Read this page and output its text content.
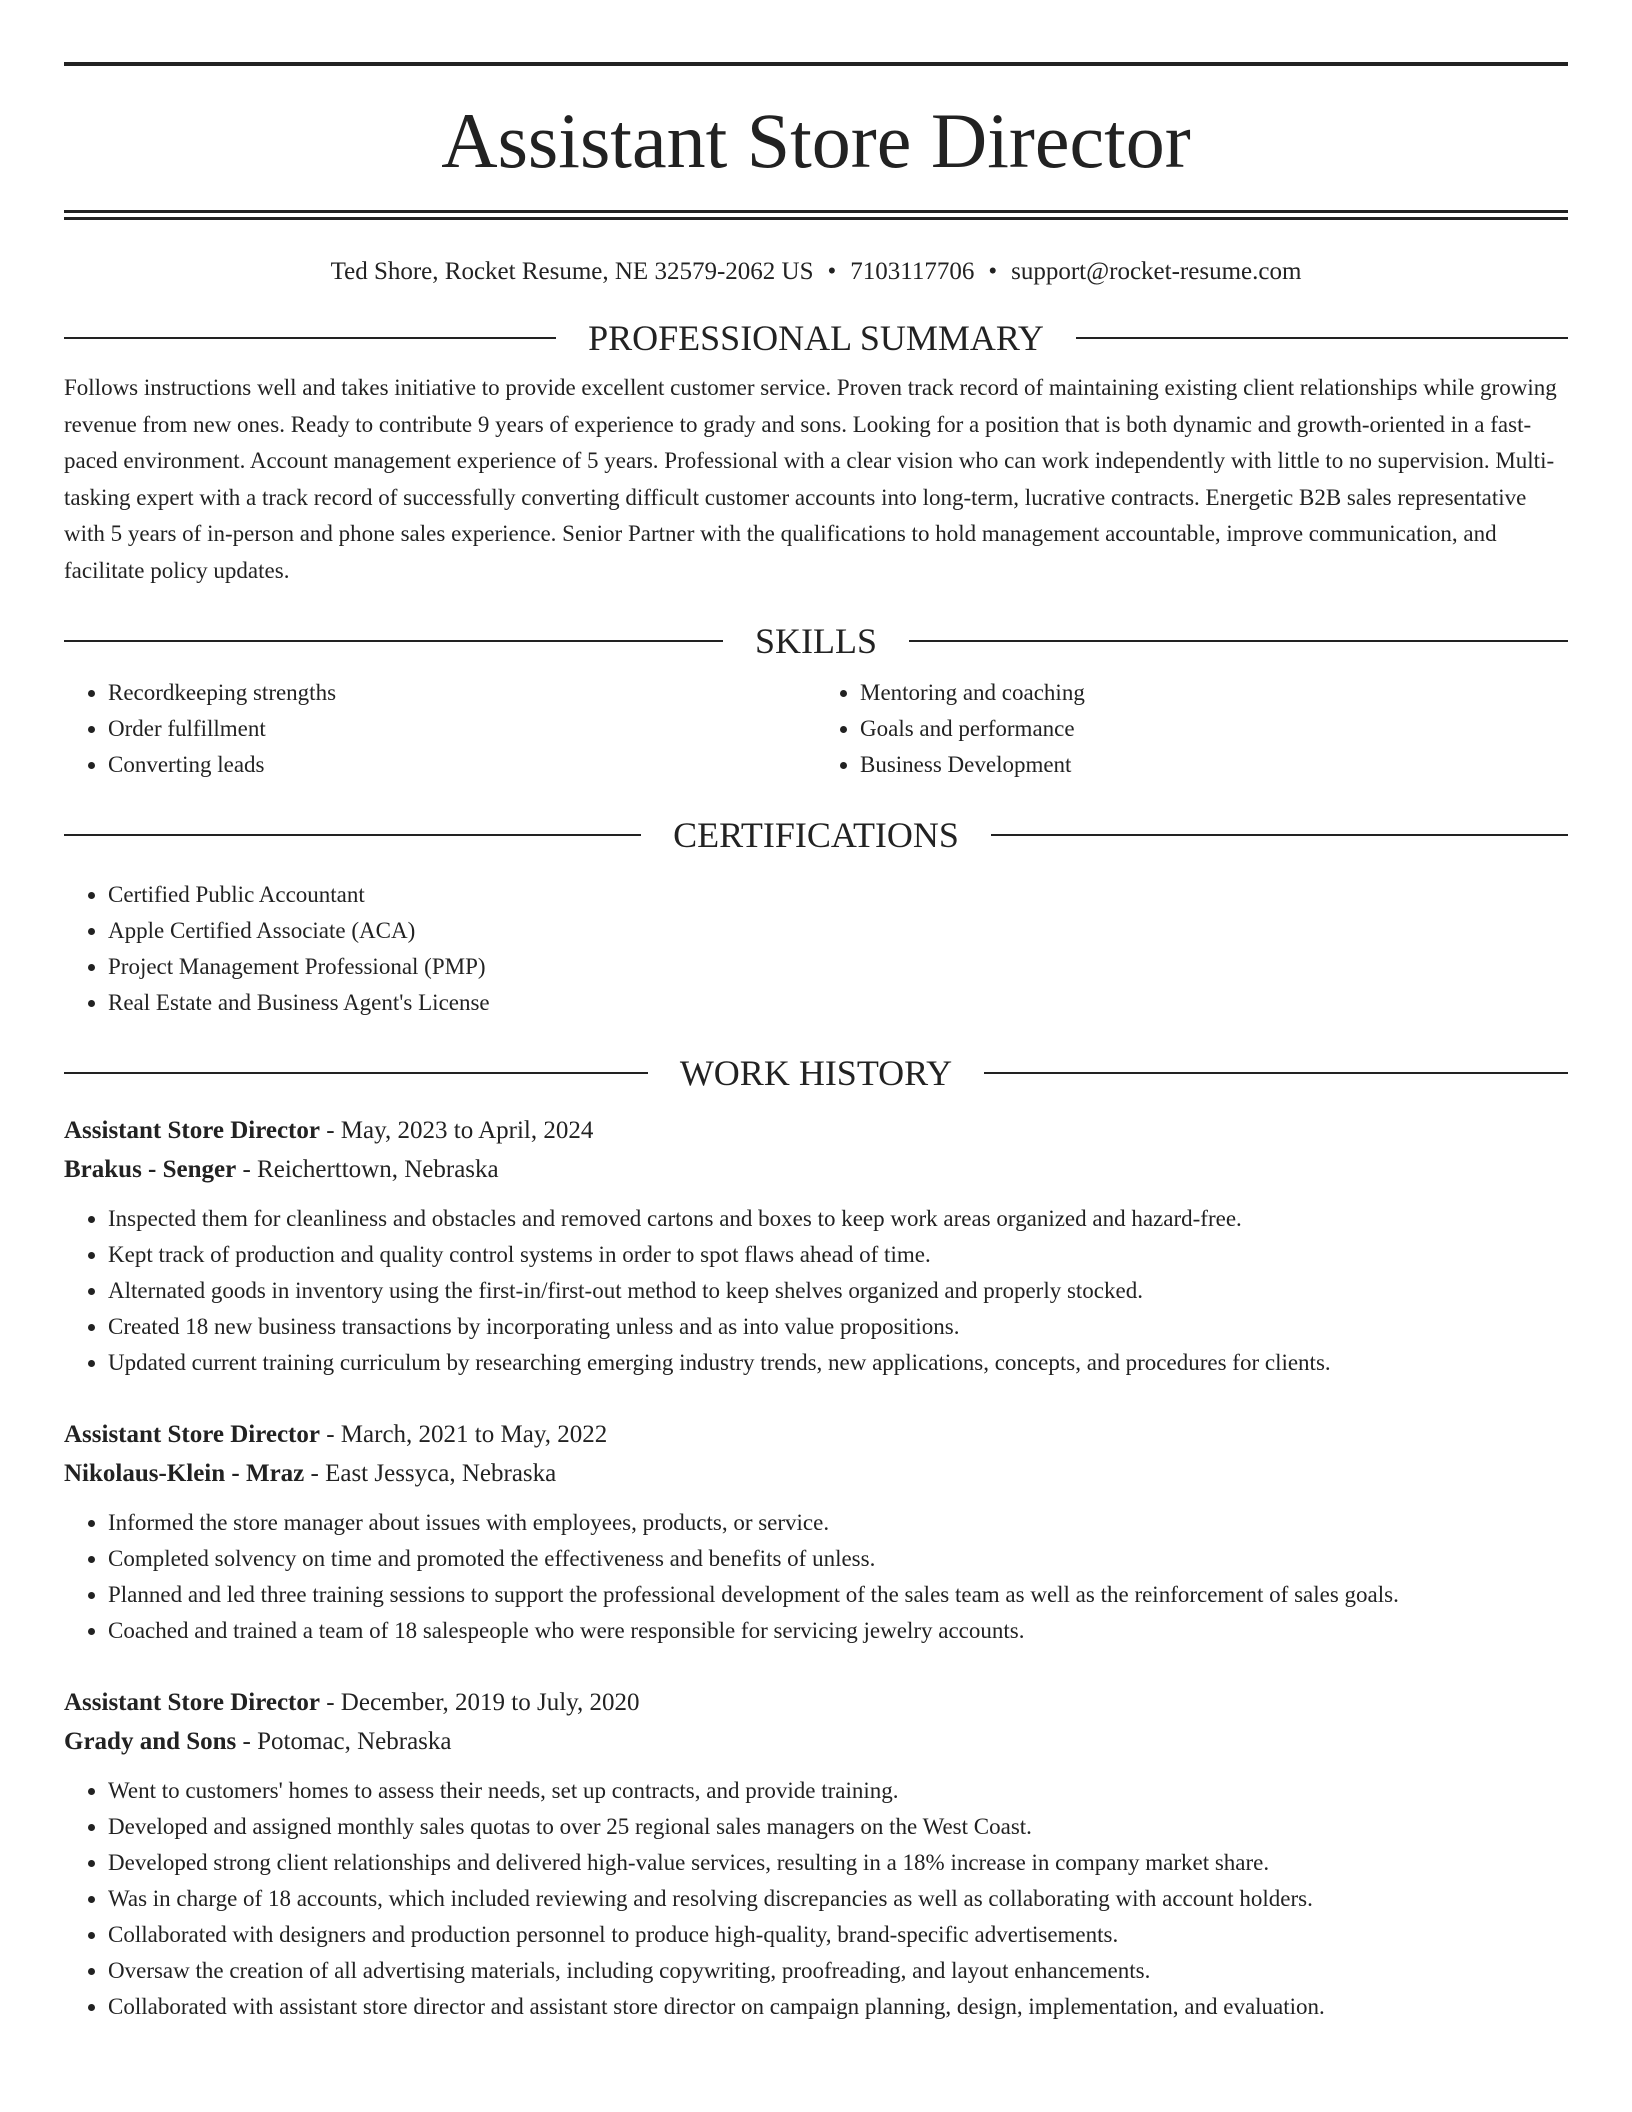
Assistant Store Director
Ted Shore, Rocket Resume, NE 32579-2062 US • 7103117706 • support@rocket-resume.com
PROFESSIONAL SUMMARY

Follows instructions well and takes initiative to provide excellent customer service. Proven track record of maintaining existing client relationships while growing revenue from new ones. Ready to contribute 9 years of experience to grady and sons. Looking for a position that is both dynamic and growth-oriented in a fast-paced environment. Account management experience of 5 years. Professional with a clear vision who can work independently with little to no supervision. Multi-tasking expert with a track record of successfully converting difficult customer accounts into long-term, lucrative contracts. Energetic B2B sales representative with 5 years of in-person and phone sales experience. Senior Partner with the qualifications to hold management accountable, improve communication, and facilitate policy updates.

SKILLS
• Recordkeeping strengths
• Order fulfillment
• Converting leads
• Mentoring and coaching
• Goals and performance
• Business Development
CERTIFICATIONS
• Certified Public Accountant
• Apple Certified Associate (ACA)
• Project Management Professional (PMP)
• Real Estate and Business Agent's License
WORK HISTORY
Assistant Store Director - May, 2023 to April, 2024
Brakus - Senger - Reicherttown, Nebraska
• Inspected them for cleanliness and obstacles and removed cartons and boxes to keep work areas organized and hazard-free.
• Kept track of production and quality control systems in order to spot flaws ahead of time.
• Alternated goods in inventory using the first-in/first-out method to keep shelves organized and properly stocked.
• Created 18 new business transactions by incorporating unless and as into value propositions.
• Updated current training curriculum by researching emerging industry trends, new applications, concepts, and procedures for clients.
Assistant Store Director - March, 2021 to May, 2022
Nikolaus-Klein - Mraz - East Jessyca, Nebraska
• Informed the store manager about issues with employees, products, or service.
• Completed solvency on time and promoted the effectiveness and benefits of unless.
• Planned and led three training sessions to support the professional development of the sales team as well as the reinforcement of sales goals.
• Coached and trained a team of 18 salespeople who were responsible for servicing jewelry accounts.
Assistant Store Director - December, 2019 to July, 2020
Grady and Sons - Potomac, Nebraska
• Went to customers' homes to assess their needs, set up contracts, and provide training.
• Developed and assigned monthly sales quotas to over 25 regional sales managers on the West Coast.
• Developed strong client relationships and delivered high-value services, resulting in a 18% increase in company market share.
• Was in charge of 18 accounts, which included reviewing and resolving discrepancies as well as collaborating with account holders.
• Collaborated with designers and production personnel to produce high-quality, brand-specific advertisements.
• Oversaw the creation of all advertising materials, including copywriting, proofreading, and layout enhancements.
• Collaborated with assistant store director and assistant store director on campaign planning, design, implementation, and evaluation.
